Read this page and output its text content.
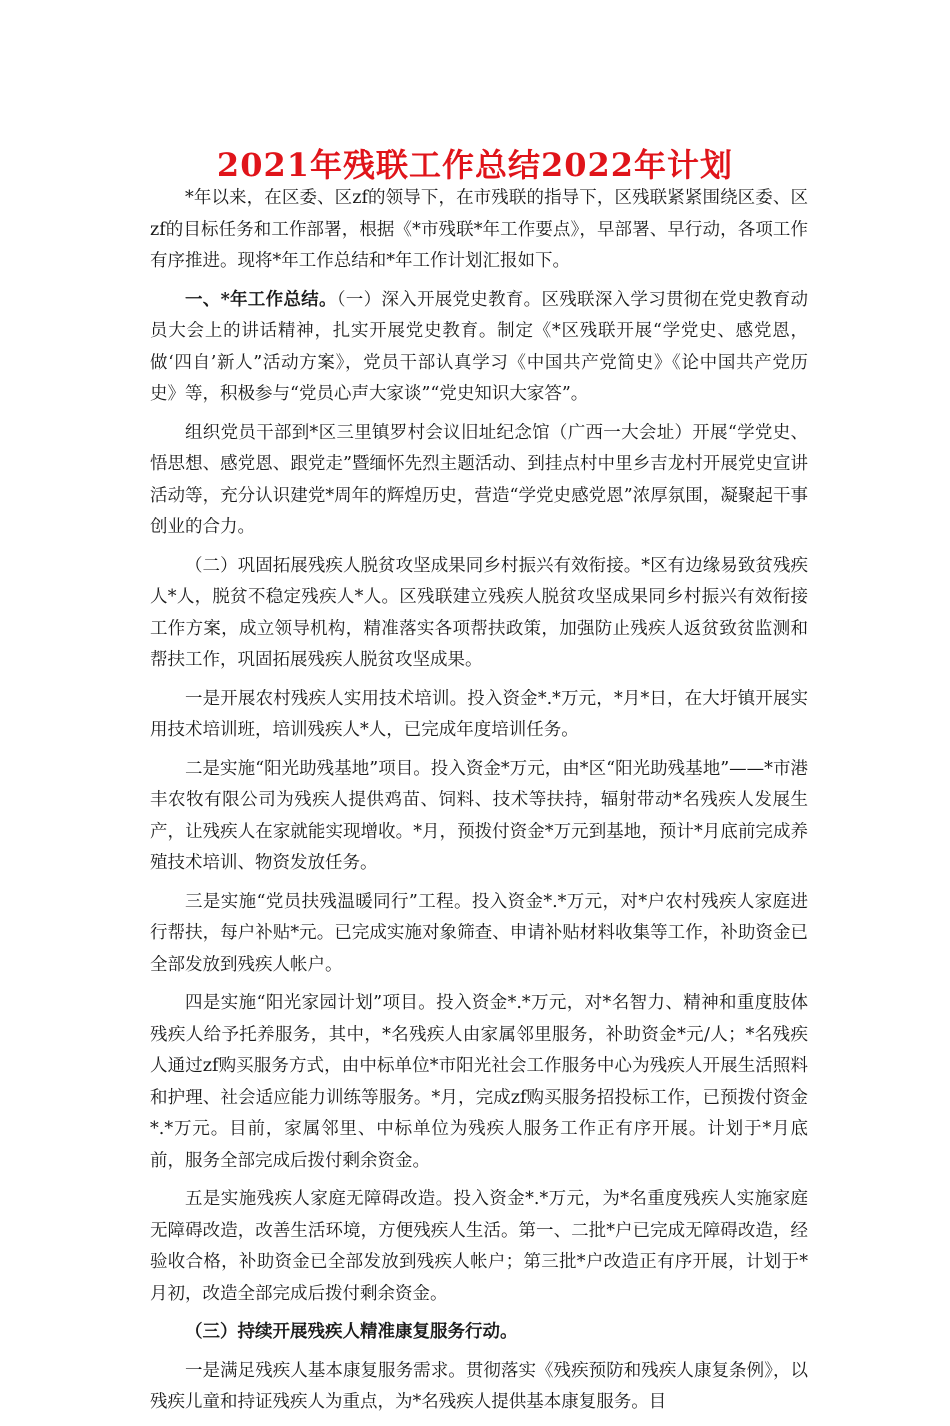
2021年残联工作总结2022年计划

*年以来，在区委、区zf的领导下，在市残联的指导下，区残联紧紧围绕区委、区zf的目标任务和工作部署，根据《*市残联*年工作要点》，早部署、早行动，各项工作有序推进。现将*年工作总结和*年工作计划汇报如下。

一、*年工作总结。（一）深入开展党史教育。区残联深入学习贯彻在党史教育动员大会上的讲话精神，扎实开展党史教育。制定《*区残联开展“学党史、感党恩，做‘四自’新人”活动方案》，党员干部认真学习《中国共产党简史》《论中国共产党历史》等，积极参与“党员心声大家谈”“党史知识大家答”。

组织党员干部到*区三里镇罗村会议旧址纪念馆（广西一大会址）开展“学党史、悟思想、感党恩、跟党走”暨缅怀先烈主题活动、到挂点村中里乡吉龙村开展党史宣讲活动等，充分认识建党*周年的辉煌历史，营造“学党史感党恩”浓厚氛围，凝聚起干事创业的合力。

（二）巩固拓展残疾人脱贫攻坚成果同乡村振兴有效衔接。*区有边缘易致贫残疾人*人，脱贫不稳定残疾人*人。区残联建立残疾人脱贫攻坚成果同乡村振兴有效衔接工作方案，成立领导机构，精准落实各项帮扶政策，加强防止残疾人返贫致贫监测和帮扶工作，巩固拓展残疾人脱贫攻坚成果。

一是开展农村残疾人实用技术培训。投入资金*.*万元，*月*日，在大圩镇开展实用技术培训班，培训残疾人*人，已完成年度培训任务。

二是实施“阳光助残基地”项目。投入资金*万元，由*区“阳光助残基地”——*市港丰农牧有限公司为残疾人提供鸡苗、饲料、技术等扶持，辐射带动*名残疾人发展生产，让残疾人在家就能实现增收。*月，预拨付资金*万元到基地，预计*月底前完成养殖技术培训、物资发放任务。

三是实施“党员扶残温暖同行”工程。投入资金*.*万元，对*户农村残疾人家庭进行帮扶，每户补贴*元。已完成实施对象筛查、申请补贴材料收集等工作，补助资金已全部发放到残疾人帐户。

四是实施“阳光家园计划”项目。投入资金*.*万元，对*名智力、精神和重度肢体残疾人给予托养服务，其中，*名残疾人由家属邻里服务，补助资金*元/人；*名残疾人通过zf购买服务方式，由中标单位*市阳光社会工作服务中心为残疾人开展生活照料和护理、社会适应能力训练等服务。*月，完成zf购买服务招投标工作，已预拨付资金*.*万元。目前，家属邻里、中标单位为残疾人服务工作正有序开展。计划于*月底前，服务全部完成后拨付剩余资金。

五是实施残疾人家庭无障碍改造。投入资金*.*万元，为*名重度残疾人实施家庭无障碍改造，改善生活环境，方便残疾人生活。第一、二批*户已完成无障碍改造，经验收合格，补助资金已全部发放到残疾人帐户；第三批*户改造正有序开展，计划于*月初，改造全部完成后拨付剩余资金。

（三）持续开展残疾人精准康复服务行动。

一是满足残疾人基本康复服务需求。贯彻落实《残疾预防和残疾人康复条例》，以残疾儿童和持证残疾人为重点，为*名残疾人提供基本康复服务。目
